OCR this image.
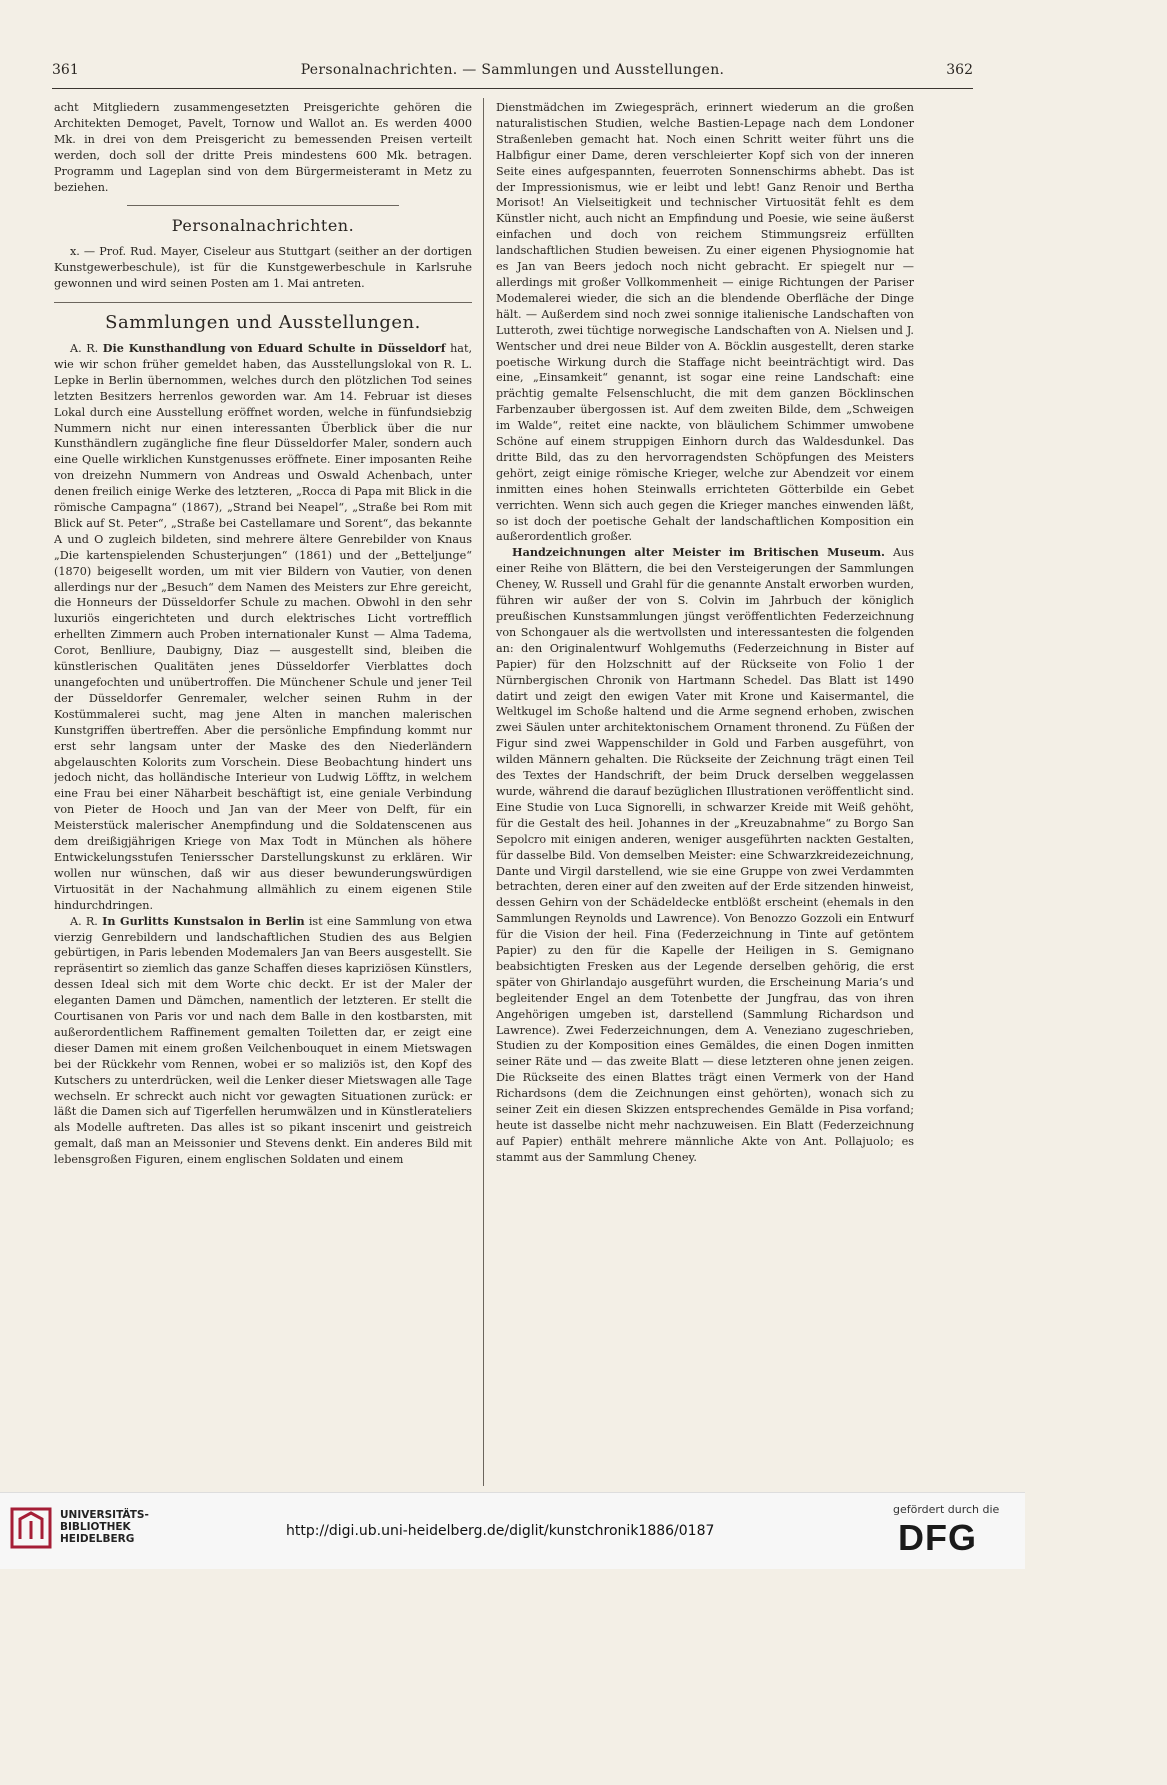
361	Personalnachrichten. — Sammlungen und Ausstellungen.	362

acht Mitgliedern zusammengesetzten Preisgerichte gehören die Architekten Demoget, Pavelt, Tornow und Wallot an. Es werden 4000 Mk. in drei von dem Preisgericht zu bemessenden Preisen verteilt werden, doch soll der dritte Preis mindestens 600 Mk. betragen. Programm und Lageplan sind von dem Bürgermeisteramt in Metz zu beziehen.

Personalnachrichten.

x. — Prof. Rud. Mayer, Ciseleur aus Stuttgart (seither an der dortigen Kunstgewerbeschule), ist für die Kunstgewerbeschule in Karlsruhe gewonnen und wird seinen Posten am 1. Mai antreten.

Sammlungen und Ausstellungen.

A. R. Die Kunsthandlung von Eduard Schulte in Düsseldorf hat, wie wir schon früher gemeldet haben, das Ausstellungslokal von R. L. Lepke in Berlin übernommen, welches durch den plötzlichen Tod seines letzten Besitzers herrenlos geworden war. Am 14. Februar ist dieses Lokal durch eine Ausstellung eröffnet worden, welche in fünfundsiebzig Nummern nicht nur einen interessanten Überblick über die nur Kunsthändlern zugängliche fine fleur Düsseldorfer Maler, sondern auch eine Quelle wirklichen Kunstgenusses eröffnete. Einer imposanten Reihe von dreizehn Nummern von Andreas und Oswald Achenbach, unter denen freilich einige Werke des letzteren, „Rocca di Papa mit Blick in die römische Campagna“ (1867), „Strand bei Neapel“, „Straße bei Rom mit Blick auf St. Peter“, „Straße bei Castellamare und Sorent“, das bekannte A und O zugleich bildeten, sind mehrere ältere Genrebilder von Knaus „Die kartenspielenden Schusterjungen“ (1861) und der „Betteljunge“ (1870) beigesellt worden, um mit vier Bildern von Vautier, von denen allerdings nur der „Besuch“ dem Namen des Meisters zur Ehre gereicht, die Honneurs der Düsseldorfer Schule zu machen. Obwohl in den sehr luxuriös eingerichteten und durch elektrisches Licht vortrefflich erhellten Zimmern auch Proben internationaler Kunst — Alma Tadema, Corot, Benlliure, Daubigny, Diaz — ausgestellt sind, bleiben die künstlerischen Qualitäten jenes Düsseldorfer Vierblattes doch unangefochten und unübertroffen. Die Münchener Schule und jener Teil der Düsseldorfer Genremaler, welcher seinen Ruhm in der Kostümmalerei sucht, mag jene Alten in manchen malerischen Kunstgriffen übertreffen. Aber die persönliche Empfindung kommt nur erst sehr langsam unter der Maske des den Niederländern abgelauschten Kolorits zum Vorschein. Diese Beobachtung hindert uns jedoch nicht, das holländische Interieur von Ludwig Löfftz, in welchem eine Frau bei einer Näharbeit beschäftigt ist, eine geniale Verbindung von Pieter de Hooch und Jan van der Meer von Delft, für ein Meisterstück malerischer Anempfindung und die Soldatenscenen aus dem dreißigjährigen Kriege von Max Todt in München als höhere Entwickelungsstufen Teniersscher Darstellungskunst zu erklären. Wir wollen nur wünschen, daß wir aus dieser bewunderungswürdigen Virtuosität in der Nachahmung allmählich zu einem eigenen Stile hindurchdringen.

A. R. In Gurlitts Kunstsalon in Berlin ist eine Sammlung von etwa vierzig Genrebildern und landschaftlichen Studien des aus Belgien gebürtigen, in Paris lebenden Modemalers Jan van Beers ausgestellt. Sie repräsentirt so ziemlich das ganze Schaffen dieses kapriziösen Künstlers, dessen Ideal sich mit dem Worte chic deckt. Er ist der Maler der eleganten Damen und Dämchen, namentlich der letzteren. Er stellt die Courtisanen von Paris vor und nach dem Balle in den kostbarsten, mit außerordentlichem Raffinement gemalten Toiletten dar, er zeigt eine dieser Damen mit einem großen Veilchenbouquet in einem Mietswagen bei der Rückkehr vom Rennen, wobei er so maliziös ist, den Kopf des Kutschers zu unterdrücken, weil die Lenker dieser Mietswagen alle Tage wechseln. Er schreckt auch nicht vor gewagten Situationen zurück: er läßt die Damen sich auf Tigerfellen herumwälzen und in Künstlerateliers als Modelle auftreten. Das alles ist so pikant inscenirt und geistreich gemalt, daß man an Meissonier und Stevens denkt. Ein anderes Bild mit lebensgroßen Figuren, einem englischen Soldaten und einem

Dienstmädchen im Zwiegespräch, erinnert wiederum an die großen naturalistischen Studien, welche Bastien-Lepage nach dem Londoner Straßenleben gemacht hat. Noch einen Schritt weiter führt uns die Halbfigur einer Dame, deren verschleierter Kopf sich von der inneren Seite eines aufgespannten, feuerroten Sonnenschirms abhebt. Das ist der Impressionismus, wie er leibt und lebt! Ganz Renoir und Bertha Morisot! An Vielseitigkeit und technischer Virtuosität fehlt es dem Künstler nicht, auch nicht an Empfindung und Poesie, wie seine äußerst einfachen und doch von reichem Stimmungsreiz erfüllten landschaftlichen Studien beweisen. Zu einer eigenen Physiognomie hat es Jan van Beers jedoch noch nicht gebracht. Er spiegelt nur — allerdings mit großer Vollkommenheit — einige Richtungen der Pariser Modemalerei wieder, die sich an die blendende Oberfläche der Dinge hält. — Außerdem sind noch zwei sonnige italienische Landschaften von Lutteroth, zwei tüchtige norwegische Landschaften von A. Nielsen und J. Wentscher und drei neue Bilder von A. Böcklin ausgestellt, deren starke poetische Wirkung durch die Staffage nicht beeinträchtigt wird. Das eine, „Einsamkeit“ genannt, ist sogar eine reine Landschaft: eine prächtig gemalte Felsenschlucht, die mit dem ganzen Böcklinschen Farbenzauber übergossen ist. Auf dem zweiten Bilde, dem „Schweigen im Walde“, reitet eine nackte, von bläulichem Schimmer umwobene Schöne auf einem struppigen Einhorn durch das Waldesdunkel. Das dritte Bild, das zu den hervorragendsten Schöpfungen des Meisters gehört, zeigt einige römische Krieger, welche zur Abendzeit vor einem inmitten eines hohen Steinwalls errichteten Götterbilde ein Gebet verrichten. Wenn sich auch gegen die Krieger manches einwenden läßt, so ist doch der poetische Gehalt der landschaftlichen Komposition ein außerordentlich großer.

Handzeichnungen alter Meister im Britischen Museum. Aus einer Reihe von Blättern, die bei den Versteigerungen der Sammlungen Cheney, W. Russell und Grahl für die genannte Anstalt erworben wurden, führen wir außer der von S. Colvin im Jahrbuch der königlich preußischen Kunstsammlungen jüngst veröffentlichten Federzeichnung von Schongauer als die wertvollsten und interessantesten die folgenden an: den Originalentwurf Wohlgemuths (Federzeichnung in Bister auf Papier) für den Holzschnitt auf der Rückseite von Folio 1 der Nürnbergischen Chronik von Hartmann Schedel. Das Blatt ist 1490 datirt und zeigt den ewigen Vater mit Krone und Kaisermantel, die Weltkugel im Schoße haltend und die Arme segnend erhoben, zwischen zwei Säulen unter architektonischem Ornament thronend. Zu Füßen der Figur sind zwei Wappenschilder in Gold und Farben ausgeführt, von wilden Männern gehalten. Die Rückseite der Zeichnung trägt einen Teil des Textes der Handschrift, der beim Druck derselben weggelassen wurde, während die darauf bezüglichen Illustrationen veröffentlicht sind. Eine Studie von Luca Signorelli, in schwarzer Kreide mit Weiß gehöht, für die Gestalt des heil. Johannes in der „Kreuzabnahme“ zu Borgo San Sepolcro mit einigen anderen, weniger ausgeführten nackten Gestalten, für dasselbe Bild. Von demselben Meister: eine Schwarzkreidezeichnung, Dante und Virgil darstellend, wie sie eine Gruppe von zwei Verdammten betrachten, deren einer auf den zweiten auf der Erde sitzenden hinweist, dessen Gehirn von der Schädeldecke entblößt erscheint (ehemals in den Sammlungen Reynolds und Lawrence). Von Benozzo Gozzoli ein Entwurf für die Vision der heil. Fina (Federzeichnung in Tinte auf getöntem Papier) zu den für die Kapelle der Heiligen in S. Gemignano beabsichtigten Fresken aus der Legende derselben gehörig, die erst später von Ghirlandajo ausgeführt wurden, die Erscheinung Maria’s und begleitender Engel an dem Totenbette der Jungfrau, das von ihren Angehörigen umgeben ist, darstellend (Sammlung Richardson und Lawrence). Zwei Federzeichnungen, dem A. Veneziano zugeschrieben, Studien zu der Komposition eines Gemäldes, die einen Dogen inmitten seiner Räte und — das zweite Blatt — diese letzteren ohne jenen zeigen. Die Rückseite des einen Blattes trägt einen Vermerk von der Hand Richardsons (dem die Zeichnungen einst gehörten), wonach sich zu seiner Zeit ein diesen Skizzen entsprechendes Gemälde in Pisa vorfand; heute ist dasselbe nicht mehr nachzuweisen. Ein Blatt (Federzeichnung auf Papier) enthält mehrere männliche Akte von Ant. Pollajuolo; es stammt aus der Sammlung Cheney.

UNIVERSITÄTS-
BIBLIOTHEK
HEIDELBERG	http://digi.ub.uni-heidelberg.de/diglit/kunstchronik1886/0187
gefördert durch die
DFG
